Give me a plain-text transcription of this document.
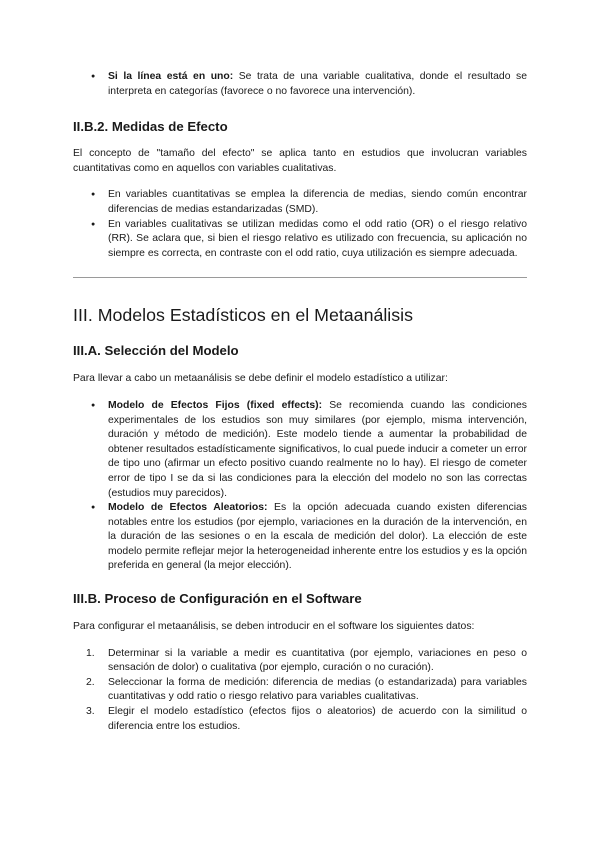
● Si la línea está en uno: Se trata de una variable cualitativa, donde el resultado se interpreta en categorías (favorece o no favorece una intervención).
II.B.2. Medidas de Efecto

El concepto de "tamaño del efecto" se aplica tanto en estudios que involucran variables cuantitativas como en aquellos con variables cualitativas.

● En variables cuantitativas se emplea la diferencia de medias, siendo común encontrar diferencias de medias estandarizadas (SMD).
● En variables cualitativas se utilizan medidas como el odd ratio (OR) o el riesgo relativo (RR). Se aclara que, si bien el riesgo relativo es utilizado con frecuencia, su aplicación no siempre es correcta, en contraste con el odd ratio, cuya utilización es siempre adecuada.
III. Modelos Estadísticos en el Metaanálisis
III.A. Selección del Modelo

Para llevar a cabo un metaanálisis se debe definir el modelo estadístico a utilizar:

● Modelo de Efectos Fijos (fixed effects): Se recomienda cuando las condiciones experimentales de los estudios son muy similares (por ejemplo, misma intervención, duración y método de medición). Este modelo tiende a aumentar la probabilidad de obtener resultados estadísticamente significativos, lo cual puede inducir a cometer un error de tipo uno (afirmar un efecto positivo cuando realmente no lo hay). El riesgo de cometer error de tipo I se da si las condiciones para la elección del modelo no son las correctas (estudios muy parecidos).
● Modelo de Efectos Aleatorios: Es la opción adecuada cuando existen diferencias notables entre los estudios (por ejemplo, variaciones en la duración de la intervención, en la duración de las sesiones o en la escala de medición del dolor). La elección de este modelo permite reflejar mejor la heterogeneidad inherente entre los estudios y es la opción preferida en general (la mejor elección).
III.B. Proceso de Configuración en el Software

Para configurar el metaanálisis, se deben introducir en el software los siguientes datos:

1. Determinar si la variable a medir es cuantitativa (por ejemplo, variaciones en peso o sensación de dolor) o cualitativa (por ejemplo, curación o no curación).
2. Seleccionar la forma de medición: diferencia de medias (o estandarizada) para variables cuantitativas y odd ratio o riesgo relativo para variables cualitativas.
3. Elegir el modelo estadístico (efectos fijos o aleatorios) de acuerdo con la similitud o diferencia entre los estudios.
